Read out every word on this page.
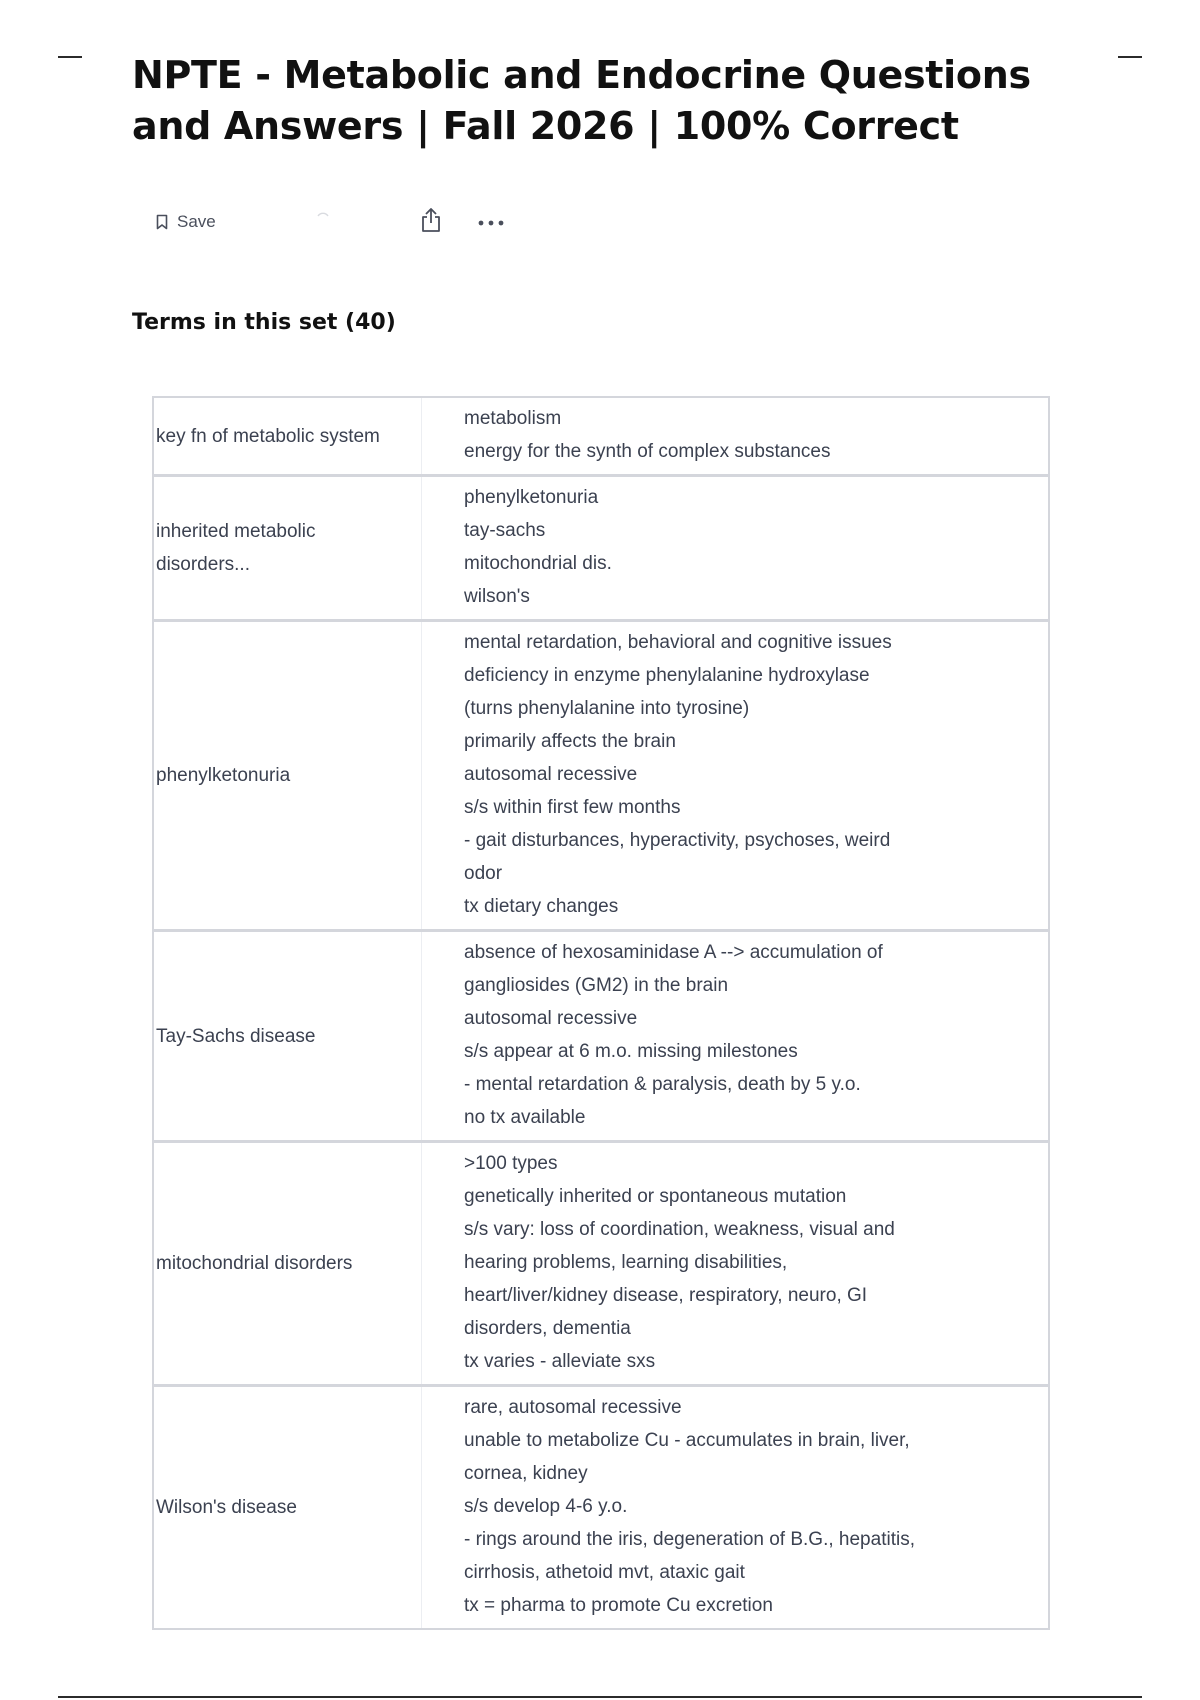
NPTE - Metabolic and Endocrine Questions and Answers | Fall 2026 | 100% Correct
Save
Terms in this set (40)
key fn of metabolic system
metabolism
energy for the synth of complex substances
inherited metabolic disorders...
phenylketonuria
tay-sachs
mitochondrial dis.
wilson's
phenylketonuria
mental retardation, behavioral and cognitive issues
deficiency in enzyme phenylalanine hydroxylase
(turns phenylalanine into tyrosine)
primarily affects the brain
autosomal recessive
s/s within first few months
- gait disturbances, hyperactivity, psychoses, weird
odor
tx dietary changes
Tay-Sachs disease
absence of hexosaminidase A --> accumulation of
gangliosides (GM2) in the brain
autosomal recessive
s/s appear at 6 m.o. missing milestones
- mental retardation & paralysis, death by 5 y.o.
no tx available
mitochondrial disorders
>100 types
genetically inherited or spontaneous mutation
s/s vary: loss of coordination, weakness, visual and
hearing problems, learning disabilities,
heart/liver/kidney disease, respiratory, neuro, GI
disorders, dementia
tx varies - alleviate sxs
Wilson's disease
rare, autosomal recessive
unable to metabolize Cu - accumulates in brain, liver,
cornea, kidney
s/s develop 4-6 y.o.
- rings around the iris, degeneration of B.G., hepatitis,
cirrhosis, athetoid mvt, ataxic gait
tx = pharma to promote Cu excretion
